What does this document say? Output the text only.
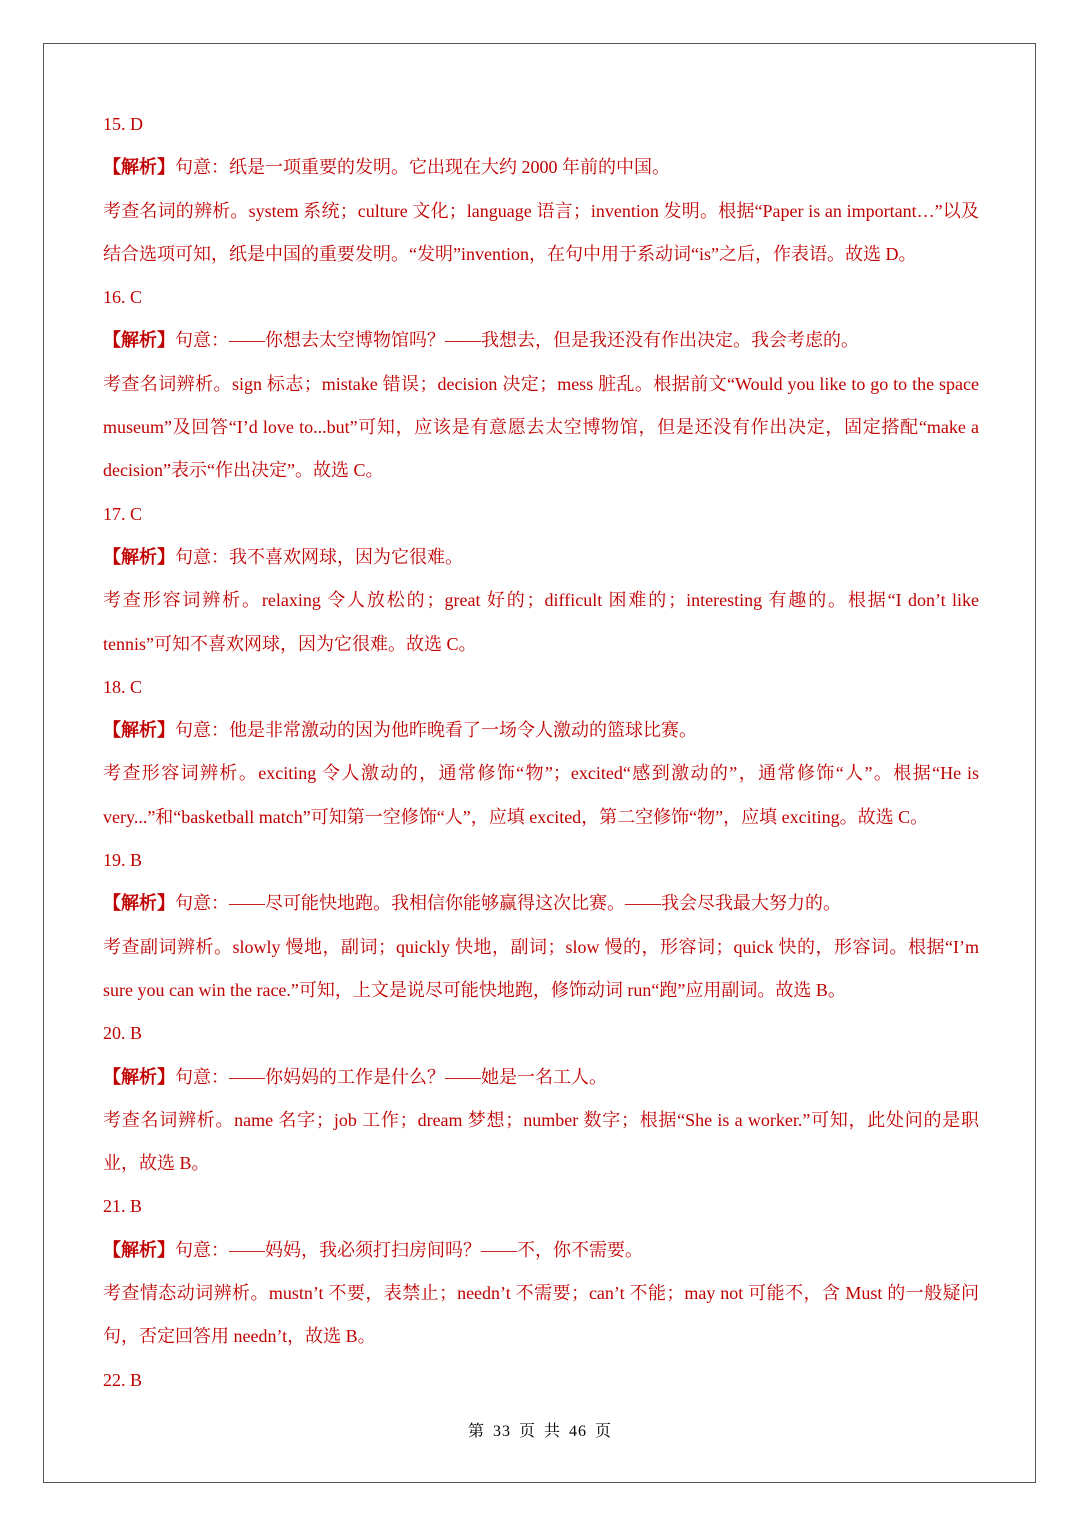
15. D
【解析】句意：纸是一项重要的发明。它出现在大约 2000 年前的中国。
考查名词的辨析。system 系统；culture 文化；language 语言；invention 发明。根据“Paper is an important…”以及结合选项可知，纸是中国的重要发明。“发明”invention，在句中用于系动词“is”之后，作表语。故选 D。
16. C
【解析】句意：——你想去太空博物馆吗？——我想去，但是我还没有作出决定。我会考虑的。
考查名词辨析。sign 标志；mistake 错误；decision 决定；mess 脏乱。根据前文“Would you like to go to the space museum”及回答“I’d love to...but”可知，应该是有意愿去太空博物馆，但是还没有作出决定，固定搭配“make a decision”表示“作出决定”。故选 C。
17. C
【解析】句意：我不喜欢网球，因为它很难。
考查形容词辨析。relaxing 令人放松的；great 好的；difficult 困难的；interesting 有趣的。根据“I don’t like tennis”可知不喜欢网球，因为它很难。故选 C。
18. C
【解析】句意：他是非常激动的因为他昨晚看了一场令人激动的篮球比赛。
考查形容词辨析。exciting 令人激动的，通常修饰“物”；excited“感到激动的”，通常修饰“人”。根据“He is very...”和“basketball match”可知第一空修饰“人”，应填 excited，第二空修饰“物”，应填 exciting。故选 C。
19. B
【解析】句意：——尽可能快地跑。我相信你能够赢得这次比赛。——我会尽我最大努力的。
考查副词辨析。slowly 慢地，副词；quickly 快地，副词；slow 慢的，形容词；quick 快的，形容词。根据“I’m sure you can win the race.”可知，上文是说尽可能快地跑，修饰动词 run“跑”应用副词。故选 B。
20. B
【解析】句意：——你妈妈的工作是什么？——她是一名工人。
考查名词辨析。name 名字；job 工作；dream 梦想；number 数字；根据“She is a worker.”可知，此处问的是职业，故选 B。
21. B
【解析】句意：——妈妈，我必须打扫房间吗？——不，你不需要。
考查情态动词辨析。mustn’t 不要，表禁止；needn’t 不需要；can’t 不能；may not 可能不，含 Must 的一般疑问句，否定回答用 needn’t，故选 B。
22. B
第 33 页 共 46 页
